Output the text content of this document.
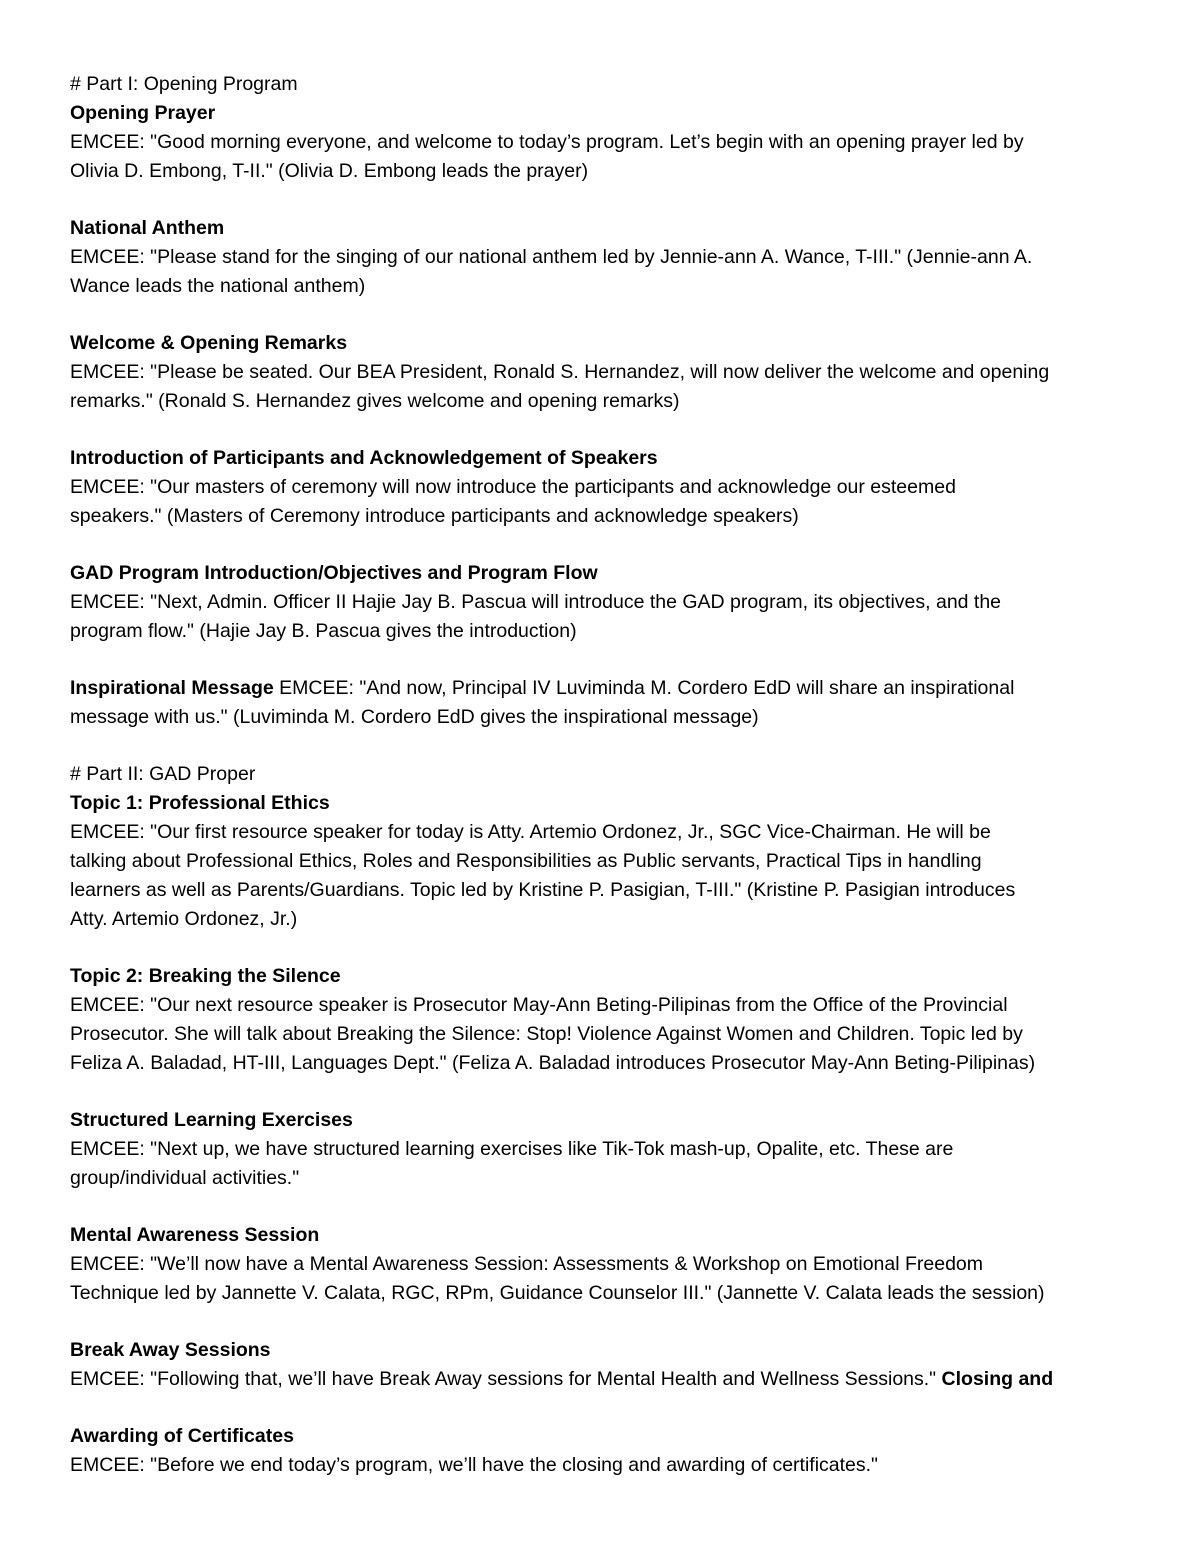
# Part I: Opening Program
Opening Prayer
EMCEE: "Good morning everyone, and welcome to today’s program. Let’s begin with an opening prayer led by
Olivia D. Embong, T-II." (Olivia D. Embong leads the prayer)
National Anthem
EMCEE: "Please stand for the singing of our national anthem led by Jennie-ann A. Wance, T-III." (Jennie-ann A.
Wance leads the national anthem)
Welcome & Opening Remarks
EMCEE: "Please be seated. Our BEA President, Ronald S. Hernandez, will now deliver the welcome and opening
remarks." (Ronald S. Hernandez gives welcome and opening remarks)
Introduction of Participants and Acknowledgement of Speakers
EMCEE: "Our masters of ceremony will now introduce the participants and acknowledge our esteemed
speakers." (Masters of Ceremony introduce participants and acknowledge speakers)
GAD Program Introduction/Objectives and Program Flow
EMCEE: "Next, Admin. Officer II Hajie Jay B. Pascua will introduce the GAD program, its objectives, and the
program flow." (Hajie Jay B. Pascua gives the introduction)
Inspirational Message EMCEE: "And now, Principal IV Luviminda M. Cordero EdD will share an inspirational
message with us." (Luviminda M. Cordero EdD gives the inspirational message)
# Part II: GAD Proper
Topic 1: Professional Ethics
EMCEE: "Our first resource speaker for today is Atty. Artemio Ordonez, Jr., SGC Vice-Chairman. He will be
talking about Professional Ethics, Roles and Responsibilities as Public servants, Practical Tips in handling
learners as well as Parents/Guardians. Topic led by Kristine P. Pasigian, T-III." (Kristine P. Pasigian introduces
Atty. Artemio Ordonez, Jr.)
Topic 2: Breaking the Silence
EMCEE: "Our next resource speaker is Prosecutor May-Ann Beting-Pilipinas from the Office of the Provincial
Prosecutor. She will talk about Breaking the Silence: Stop! Violence Against Women and Children. Topic led by
Feliza A. Baladad, HT-III, Languages Dept." (Feliza A. Baladad introduces Prosecutor May-Ann Beting-Pilipinas)
Structured Learning Exercises
EMCEE: "Next up, we have structured learning exercises like Tik-Tok mash-up, Opalite, etc. These are
group/individual activities."
Mental Awareness Session
EMCEE: "We’ll now have a Mental Awareness Session: Assessments & Workshop on Emotional Freedom
Technique led by Jannette V. Calata, RGC, RPm, Guidance Counselor III." (Jannette V. Calata leads the session)
Break Away Sessions
EMCEE: "Following that, we’ll have Break Away sessions for Mental Health and Wellness Sessions." Closing and
Awarding of Certificates
EMCEE: "Before we end today’s program, we’ll have the closing and awarding of certificates."
